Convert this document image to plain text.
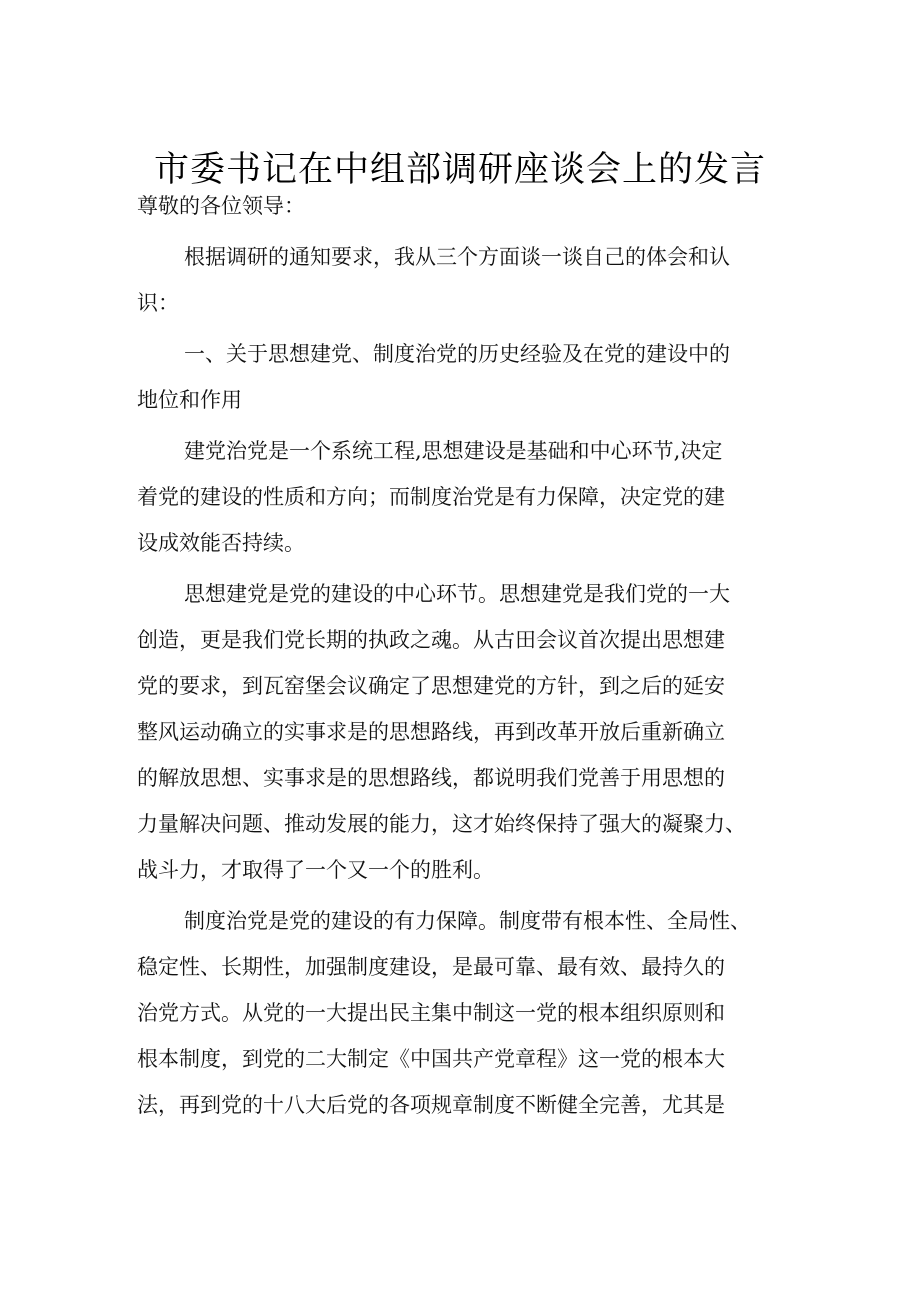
市委书记在中组部调研座谈会上的发言
尊敬的各位领导：
根据调研的通知要求，我从三个方面谈一谈自己的体会和认
识：
一、关于思想建党、制度治党的历史经验及在党的建设中的
地位和作用
建党治党是一个系统工程,思想建设是基础和中心环节,决定
着党的建设的性质和方向；而制度治党是有力保障，决定党的建
设成效能否持续。
思想建党是党的建设的中心环节。思想建党是我们党的一大
创造，更是我们党长期的执政之魂。从古田会议首次提出思想建
党的要求，到瓦窑堡会议确定了思想建党的方针，到之后的延安
整风运动确立的实事求是的思想路线，再到改革开放后重新确立
的解放思想、实事求是的思想路线，都说明我们党善于用思想的
力量解决问题、推动发展的能力，这才始终保持了强大的凝聚力、
战斗力，才取得了一个又一个的胜利。
制度治党是党的建设的有力保障。制度带有根本性、全局性、
稳定性、长期性，加强制度建设，是最可靠、最有效、最持久的
治党方式。从党的一大提出民主集中制这一党的根本组织原则和
根本制度，到党的二大制定《中国共产党章程》这一党的根本大
法，再到党的十八大后党的各项规章制度不断健全完善，尤其是
